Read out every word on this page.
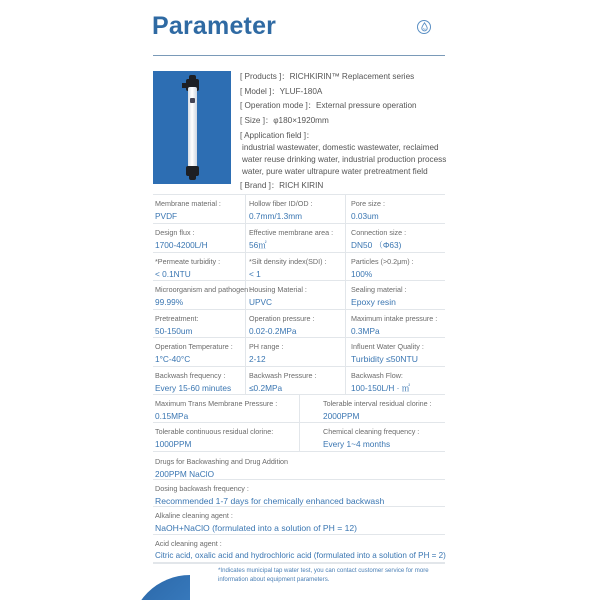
Parameter
[ Products ]：RICHKIRIN™ Replacement series
[ Model ]：YLUF-180A
[ Operation mode ]：External pressure operation
[ Size ]：φ180×1920mm
[ Application field ]：
industrial wastewater, domestic wastewater, reclaimed water reuse drinking water, industrial production process water, pure water ultrapure water pretreatment field
[ Brand ]：RICH KIRIN
Membrane material :
PVDF
Hollow fiber ID/OD :
0.7mm/1.3mm
Pore size :
0.03um
Design flux :
1700-4200L/H
Effective membrane area :
56㎡
Connection size :
DN50 （Φ63)
*Permeate turbidity :
< 0.1NTU
*Silt density index(SDI) :
< 1
Particles (>0.2μm) :
100%
Microorganism and pathogen :
99.99%
Housing Material :
UPVC
Sealing material :
Epoxy resin
Pretreatment:
50-150um
Operation pressure :
0.02-0.2MPa
Maximum intake pressure :
0.3MPa
Operation Temperature :
1°C-40°C
PH range :
2-12
Influent Water Quality :
Turbidity ≤50NTU
Backwash frequency :
Every 15-60 minutes
Backwash Pressure :
≤0.2MPa
Backwash Flow:
100-150L/H · ㎡
Maximum Trans Membrane Pressure :
0.15MPa
Tolerable interval residual clorine :
2000PPM
Tolerable continuous residual clorine:
1000PPM
Chemical cleaning frequency :
Every 1~4 months
Drugs for Backwashing and Drug Addition
200PPM NaClO
Dosing backwash frequency :
Recommended 1-7 days for chemically enhanced backwash
Alkaline cleaning agent :
NaOH+NaClO (formulated into a solution of PH = 12)
Acid cleaning agent :
Citric acid, oxalic acid and hydrochloric acid (formulated into a solution of PH = 2)
*Indicates municipal tap water test, you can contact customer service for more information about equipment parameters.
